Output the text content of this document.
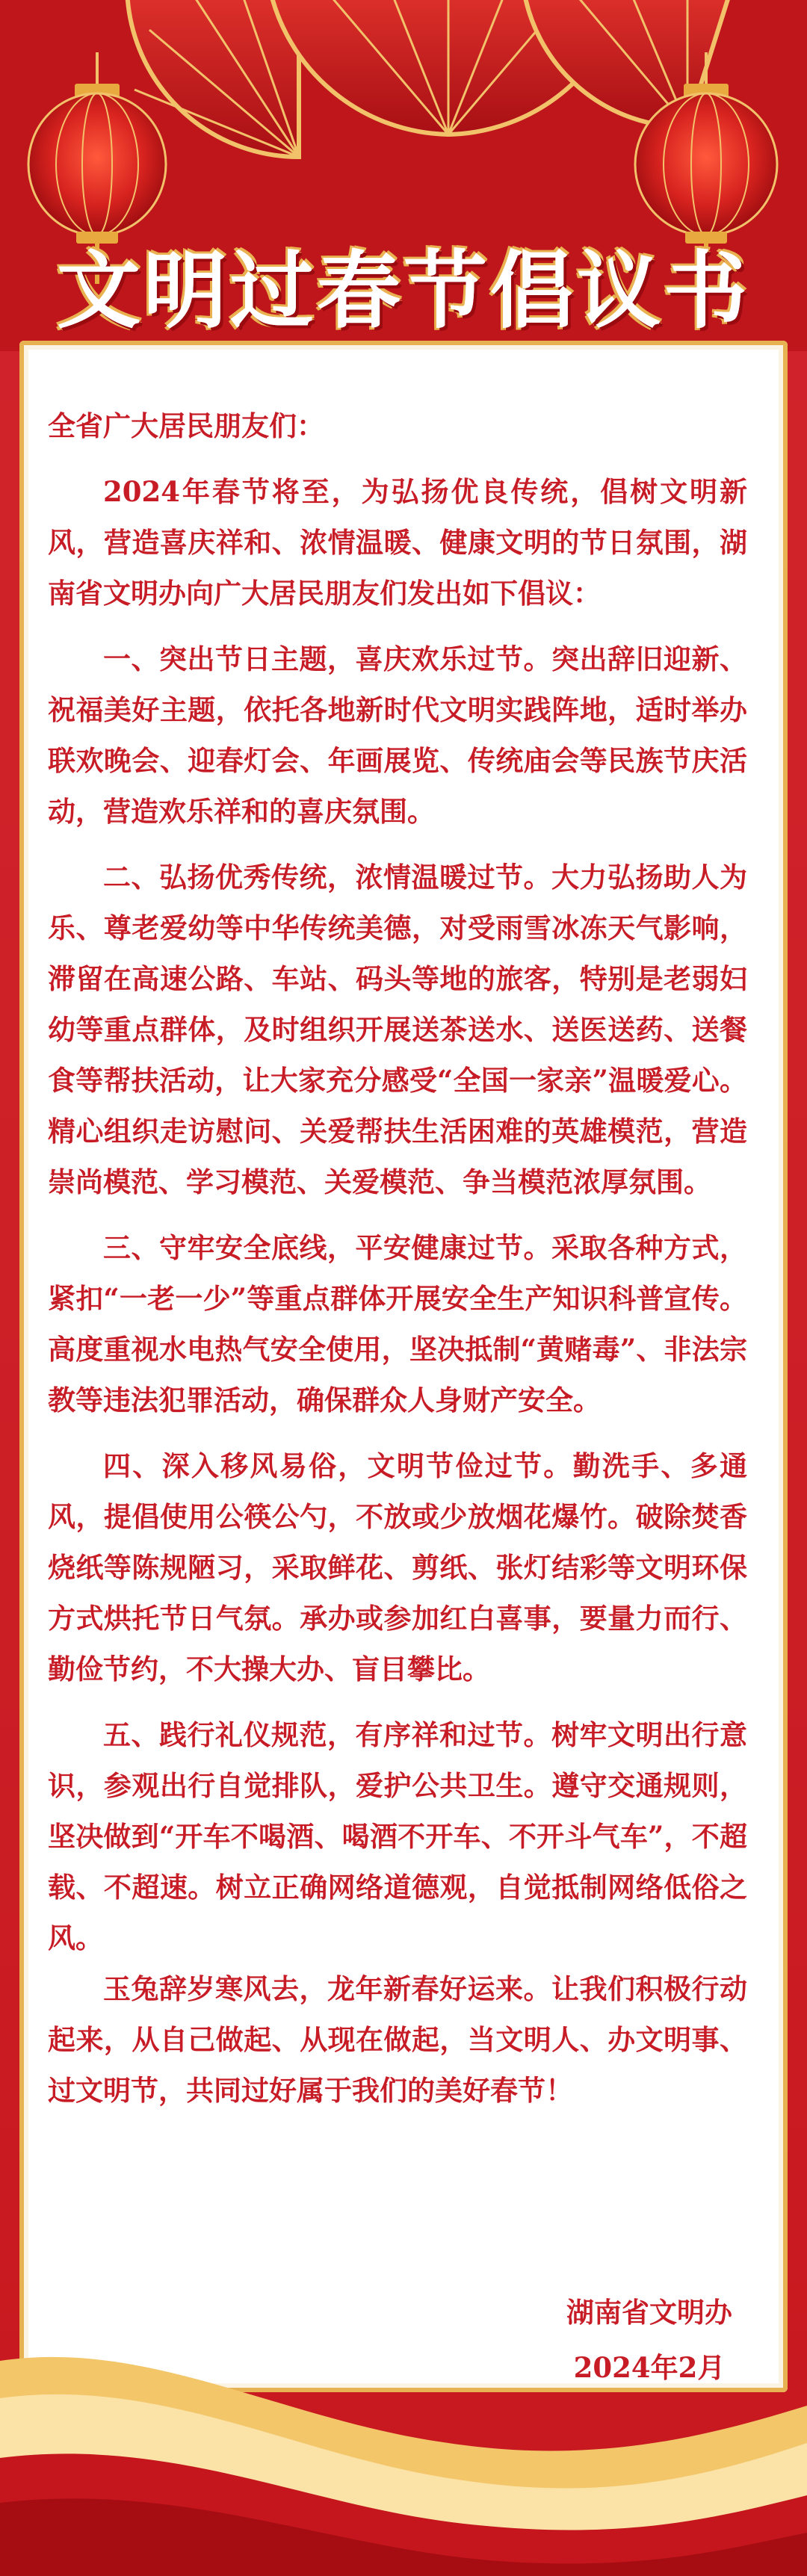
文明过春节倡议书

全省广大居民朋友们：

2024年春节将至，为弘扬优良传统，倡树文明新风，营造喜庆祥和、浓情温暖、健康文明的节日氛围，湖南省文明办向广大居民朋友们发出如下倡议：

一、突出节日主题，喜庆欢乐过节。突出辞旧迎新、祝福美好主题，依托各地新时代文明实践阵地，适时举办联欢晚会、迎春灯会、年画展览、传统庙会等民族节庆活动，营造欢乐祥和的喜庆氛围。

二、弘扬优秀传统，浓情温暖过节。大力弘扬助人为乐、尊老爱幼等中华传统美德，对受雨雪冰冻天气影响，滞留在高速公路、车站、码头等地的旅客，特别是老弱妇幼等重点群体，及时组织开展送茶送水、送医送药、送餐食等帮扶活动，让大家充分感受“全国一家亲”温暖爱心。精心组织走访慰问、关爱帮扶生活困难的英雄模范，营造崇尚模范、学习模范、关爱模范、争当模范浓厚氛围。

三、守牢安全底线，平安健康过节。采取各种方式，紧扣“一老一少”等重点群体开展安全生产知识科普宣传。高度重视水电热气安全使用，坚决抵制“黄赌毒”、非法宗教等违法犯罪活动，确保群众人身财产安全。

四、深入移风易俗，文明节俭过节。勤洗手、多通风，提倡使用公筷公勺，不放或少放烟花爆竹。破除焚香烧纸等陈规陋习，采取鲜花、剪纸、张灯结彩等文明环保方式烘托节日气氛。承办或参加红白喜事，要量力而行、勤俭节约，不大操大办、盲目攀比。

五、践行礼仪规范，有序祥和过节。树牢文明出行意识，参观出行自觉排队，爱护公共卫生。遵守交通规则，坚决做到“开车不喝酒、喝酒不开车、不开斗气车”，不超载、不超速。树立正确网络道德观，自觉抵制网络低俗之风。

玉兔辞岁寒风去，龙年新春好运来。让我们积极行动起来，从自己做起、从现在做起，当文明人、办文明事、过文明节，共同过好属于我们的美好春节！

湖南省文明办
2024年2月
